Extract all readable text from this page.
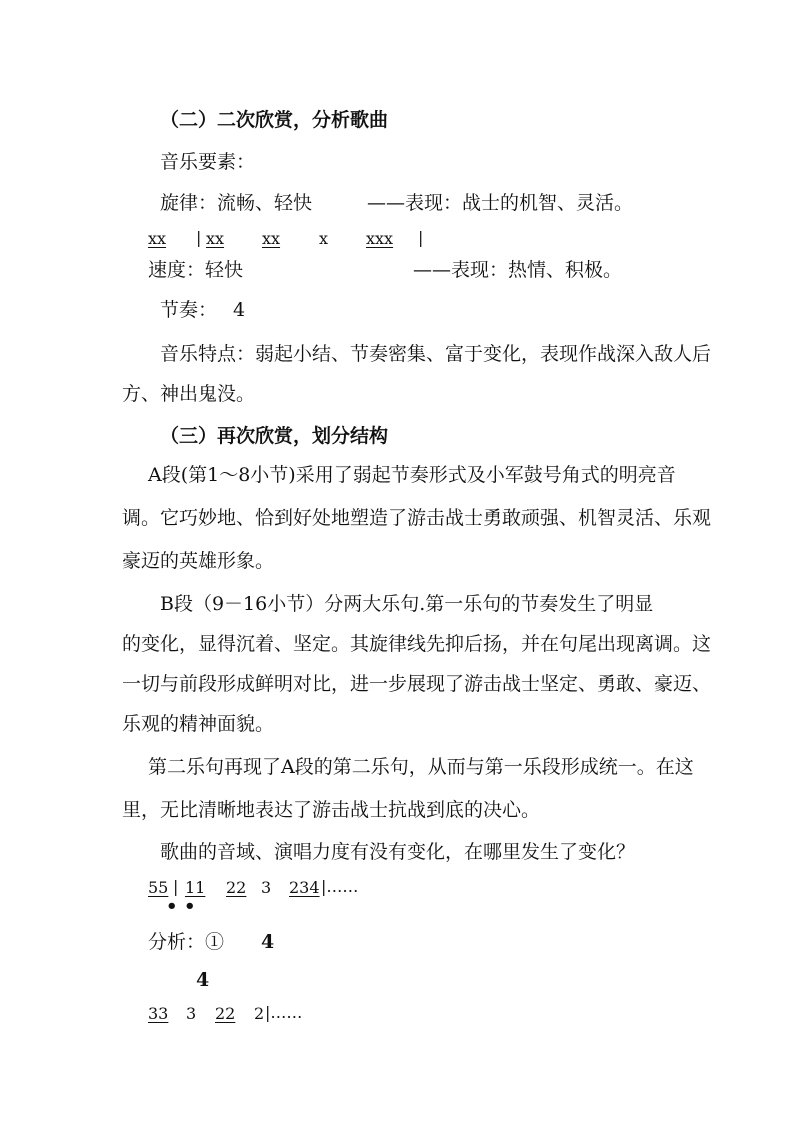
（二）二次欣赏，分析歌曲
音乐要素：
旋律：流畅、轻快	——表现：战士的机智、灵活。
xx | xx xx x xxx |
速度：轻快	——表现：热情、积极。
节奏： 4
音乐特点：弱起小结、节奏密集、富于变化，表现作战深入敌人后
方、神出鬼没。
（三）再次欣赏，划分结构
A段(第1～8小节)采用了弱起节奏形式及小军鼓号角式的明亮音
调。它巧妙地、恰到好处地塑造了游击战士勇敢顽强、机智灵活、乐观
豪迈的英雄形象。
B段（9－16小节）分两大乐句.第一乐句的节奏发生了明显
的变化，显得沉着、坚定。其旋律线先抑后扬，并在句尾出现离调。这
一切与前段形成鲜明对比，进一步展现了游击战士坚定、勇敢、豪迈、
乐观的精神面貌。
第二乐句再现了A段的第二乐句，从而与第一乐段形成统一。在这
里，无比清晰地表达了游击战士抗战到底的决心。
歌曲的音域、演唱力度有没有变化，在哪里发生了变化？
55 | 11 22 3 234 |……
• •
分析：① 4
4
33 3 22 2 |……
